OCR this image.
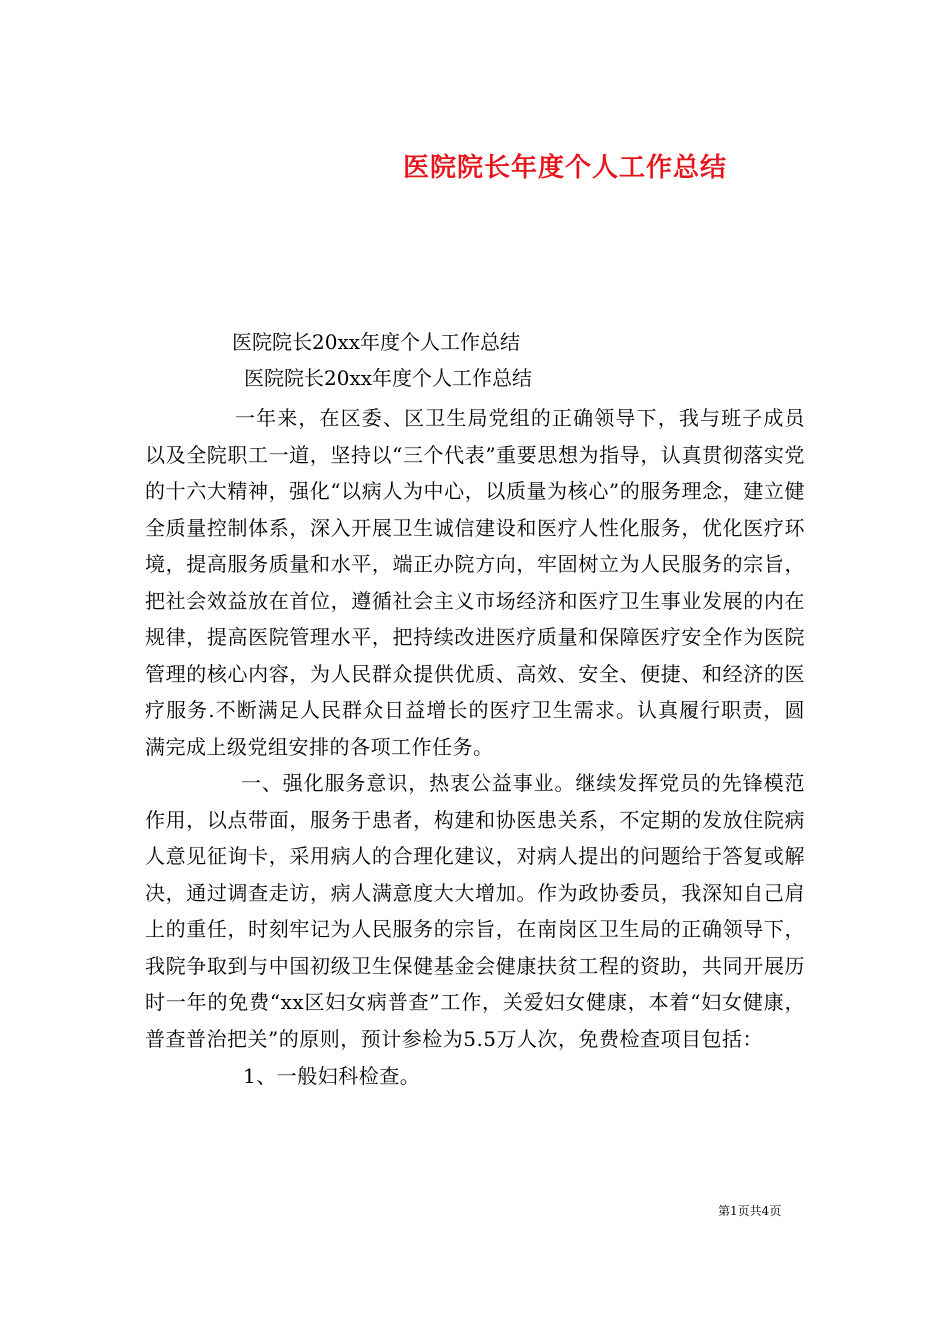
医院院长年度个人工作总结
医院院长20xx年度个人工作总结
医院院长20xx年度个人工作总结

一年来，在区委、区卫生局党组的正确领导下，我与班子成员以及全院职工一道，坚持以“三个代表”重要思想为指导，认真贯彻落实党的十六大精神，强化“以病人为中心，以质量为核心”的服务理念，建立健全质量控制体系，深入开展卫生诚信建设和医疗人性化服务，优化医疗环境，提高服务质量和水平，端正办院方向，牢固树立为人民服务的宗旨，把社会效益放在首位，遵循社会主义市场经济和医疗卫生事业发展的内在规律，提高医院管理水平，把持续改进医疗质量和保障医疗安全作为医院管理的核心内容，为人民群众提供优质、高效、安全、便捷、和经济的医疗服务.不断满足人民群众日益增长的医疗卫生需求。认真履行职责，圆满完成上级党组安排的各项工作任务。

一、强化服务意识，热衷公益事业。继续发挥党员的先锋模范作用，以点带面，服务于患者，构建和协医患关系，不定期的发放住院病人意见征询卡，采用病人的合理化建议，对病人提出的问题给于答复或解决，通过调查走访，病人满意度大大增加。作为政协委员，我深知自己肩上的重任，时刻牢记为人民服务的宗旨，在南岗区卫生局的正确领导下，我院争取到与中国初级卫生保健基金会健康扶贫工程的资助，共同开展历时一年的免费“xx区妇女病普查”工作，关爱妇女健康，本着“妇女健康，普查普治把关”的原则，预计参检为5.5万人次，免费检查项目包括：

1、一般妇科检查。

第1页共4页
